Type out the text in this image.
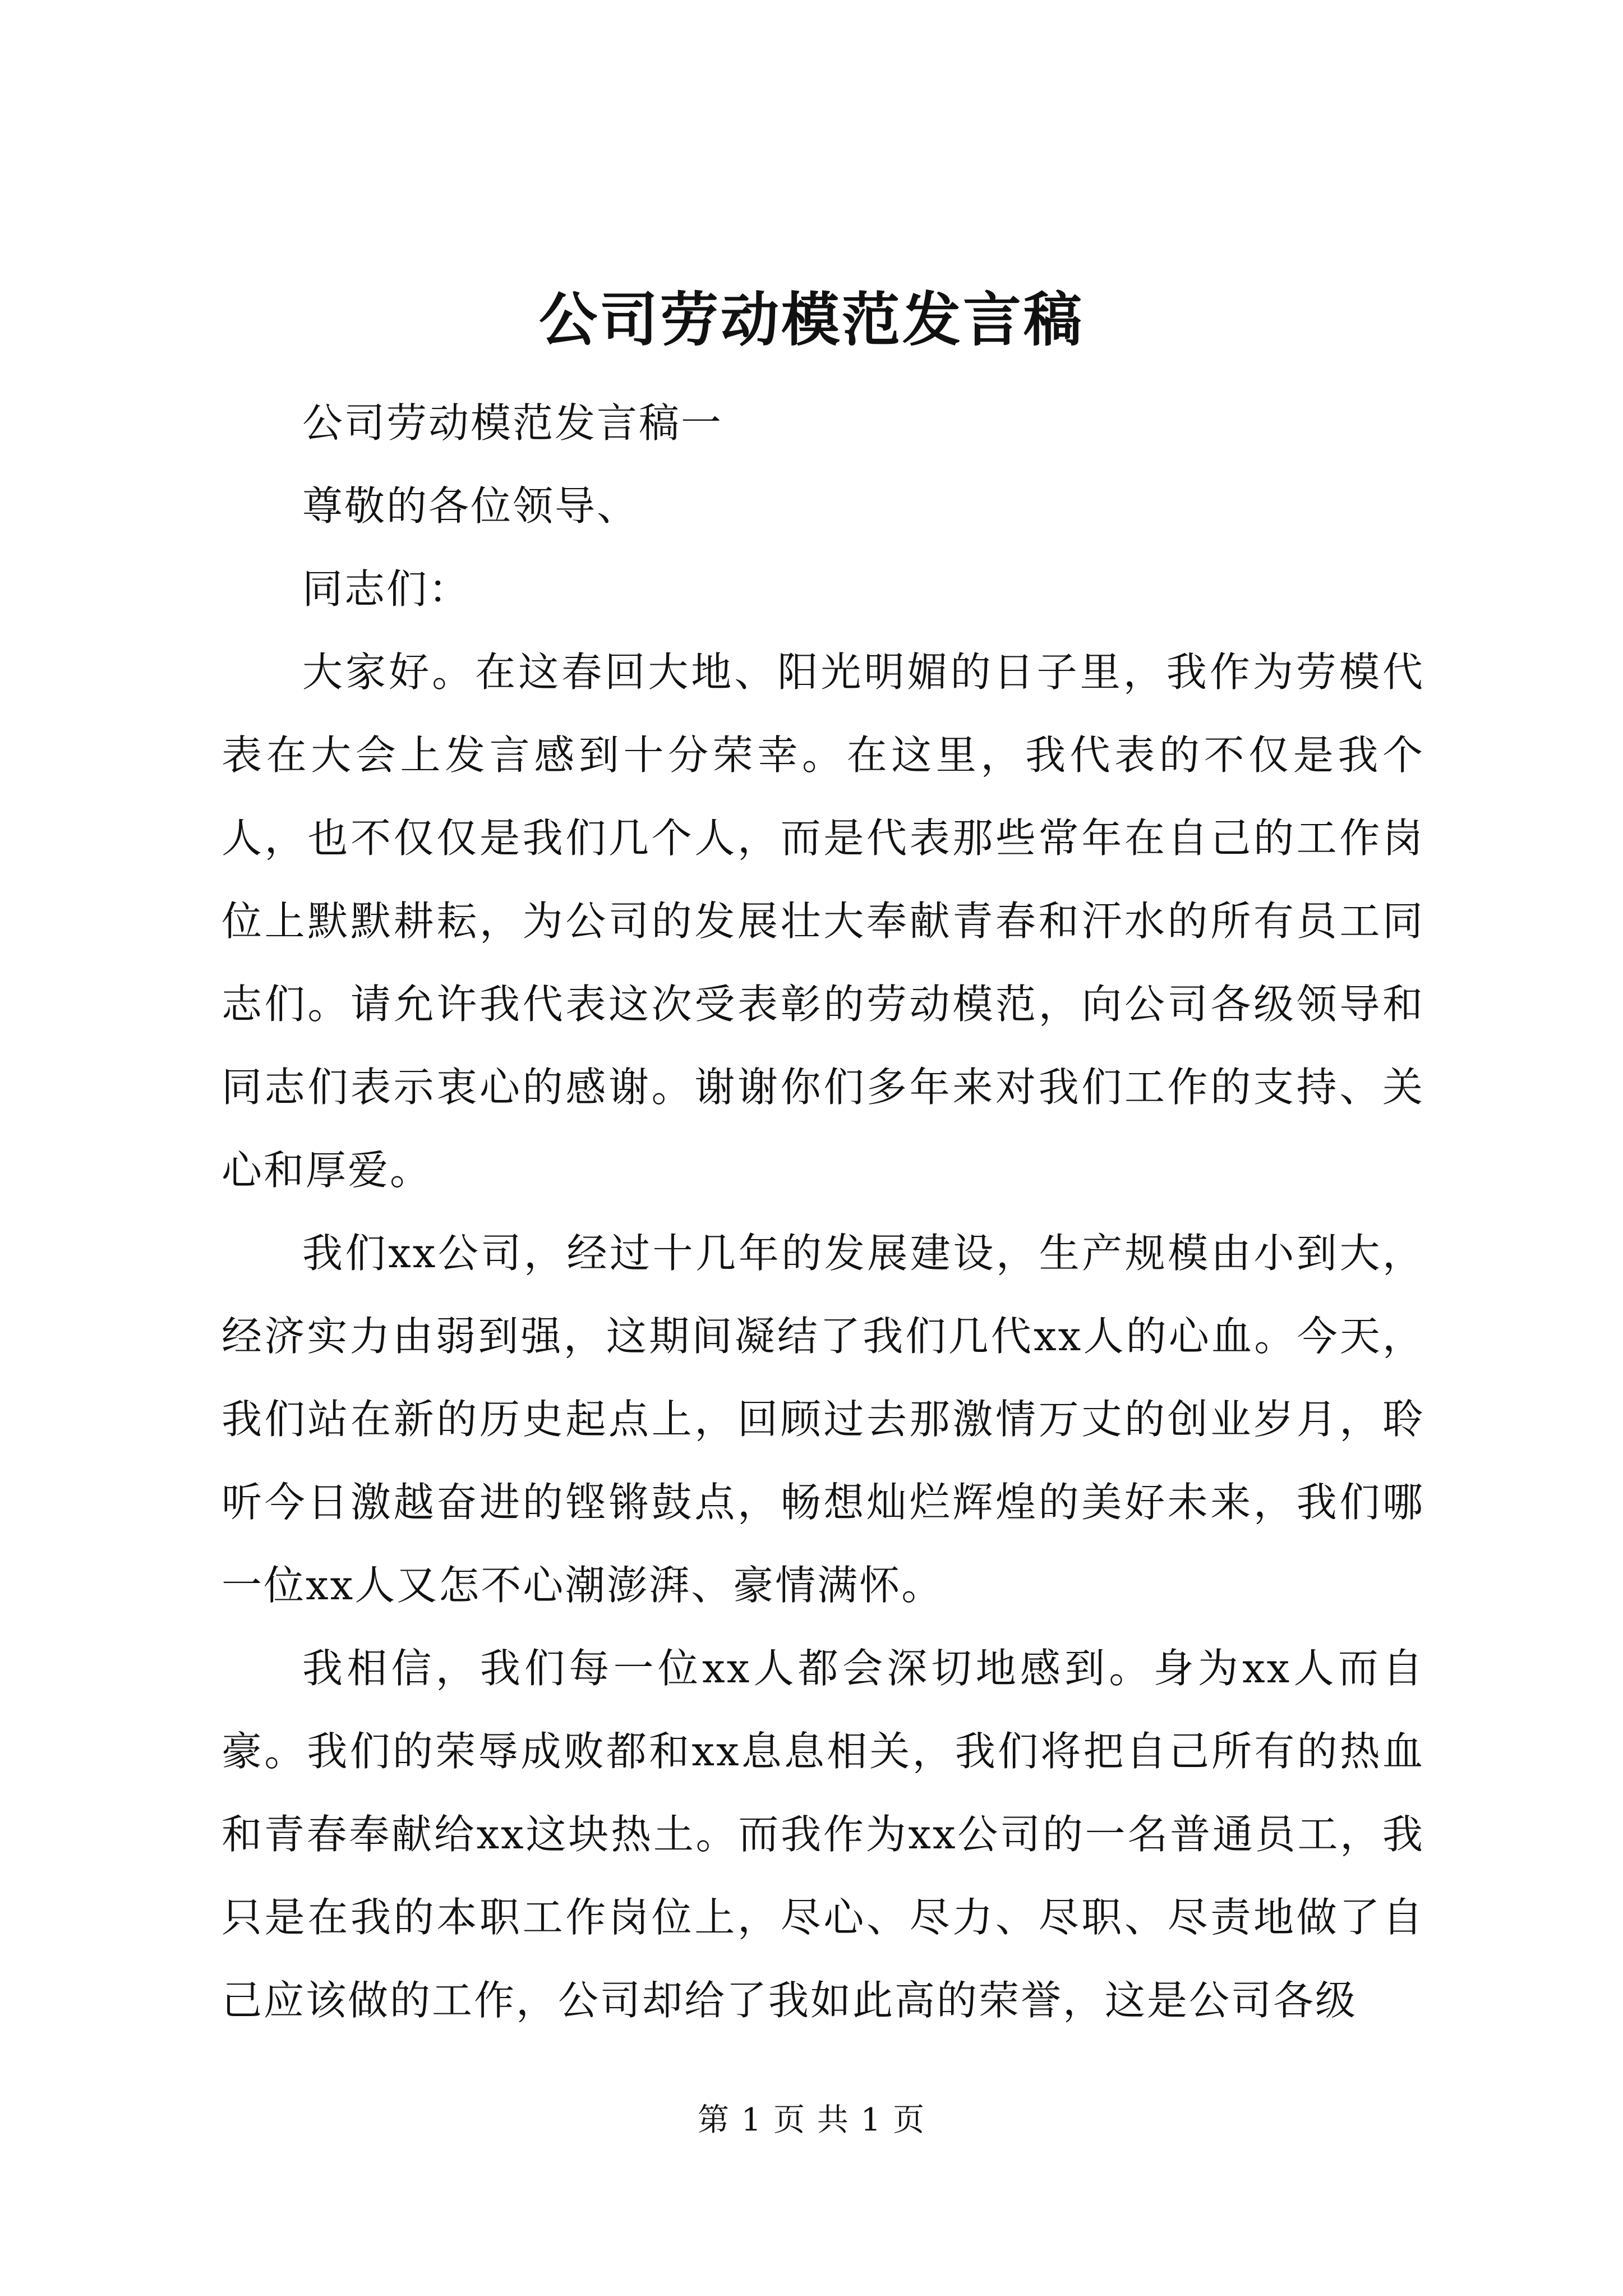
公司劳动模范发言稿

公司劳动模范发言稿一

尊敬的各位领导、

同志们：

大家好。在这春回大地、阳光明媚的日子里，我作为劳模代表在大会上发言感到十分荣幸。在这里，我代表的不仅是我个人，也不仅仅是我们几个人，而是代表那些常年在自己的工作岗位上默默耕耘，为公司的发展壮大奉献青春和汗水的所有员工同志们。请允许我代表这次受表彰的劳动模范，向公司各级领导和同志们表示衷心的感谢。谢谢你们多年来对我们工作的支持、关心和厚爱。

我们xx公司，经过十几年的发展建设，生产规模由小到大，经济实力由弱到强，这期间凝结了我们几代xx人的心血。今天，我们站在新的历史起点上，回顾过去那激情万丈的创业岁月，聆听今日激越奋进的铿锵鼓点，畅想灿烂辉煌的美好未来，我们哪一位xx人又怎不心潮澎湃、豪情满怀。

我相信，我们每一位xx人都会深切地感到。身为xx人而自豪。我们的荣辱成败都和xx息息相关，我们将把自己所有的热血和青春奉献给xx这块热土。而我作为xx公司的一名普通员工，我只是在我的本职工作岗位上，尽心、尽力、尽职、尽责地做了自己应该做的工作，公司却给了我如此高的荣誉，这是公司各级

第 1 页 共 1 页
